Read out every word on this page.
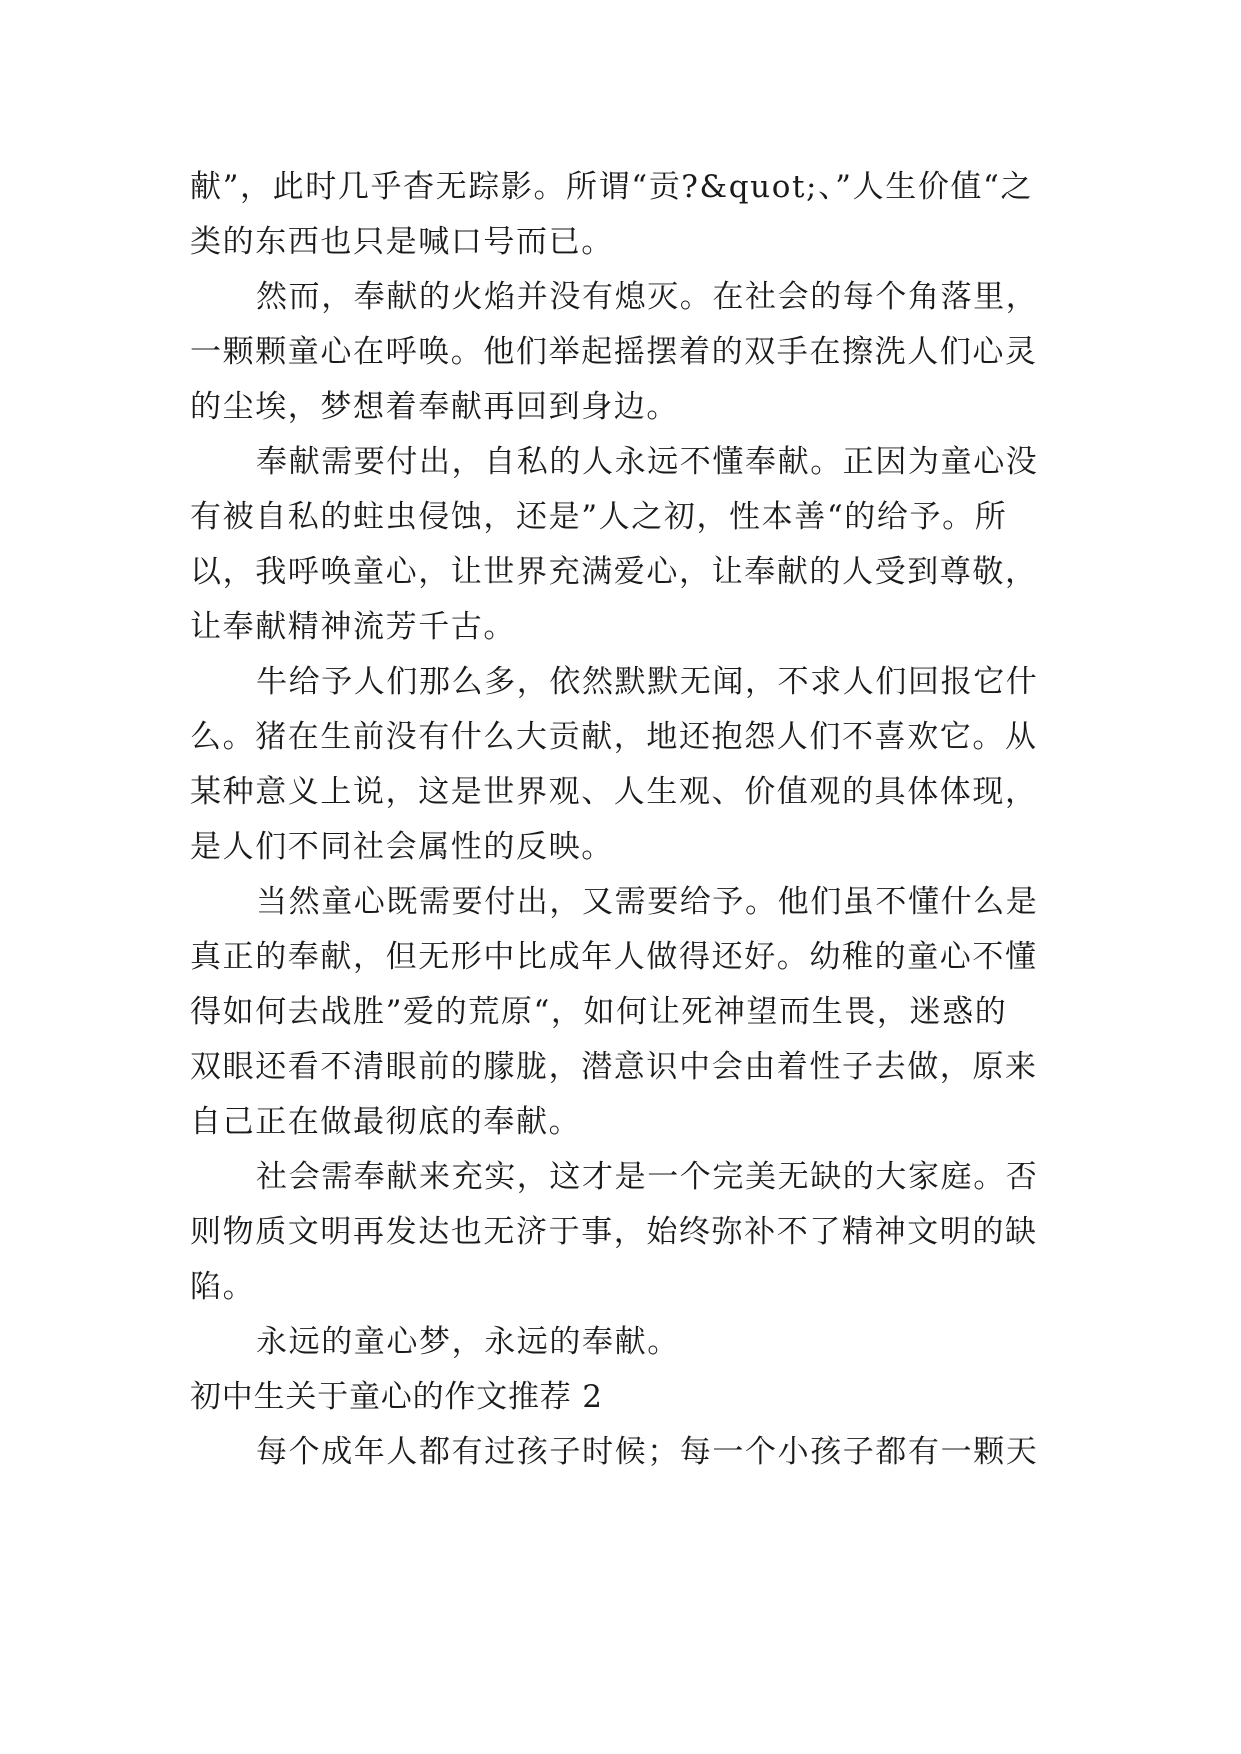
献”，此时几乎杳无踪影。所谓“贡?&quot;、”人生价值“之
类的东西也只是喊口号而已。
然而，奉献的火焰并没有熄灭。在社会的每个角落里，
一颗颗童心在呼唤。他们举起摇摆着的双手在擦洗人们心灵
的尘埃，梦想着奉献再回到身边。
奉献需要付出，自私的人永远不懂奉献。正因为童心没
有被自私的蛀虫侵蚀，还是”人之初，性本善“的给予。所
以，我呼唤童心，让世界充满爱心，让奉献的人受到尊敬，
让奉献精神流芳千古。
牛给予人们那么多，依然默默无闻，不求人们回报它什
么。猪在生前没有什么大贡献，地还抱怨人们不喜欢它。从
某种意义上说，这是世界观、人生观、价值观的具体体现，
是人们不同社会属性的反映。
当然童心既需要付出，又需要给予。他们虽不懂什么是
真正的奉献，但无形中比成年人做得还好。幼稚的童心不懂
得如何去战胜”爱的荒原“，如何让死神望而生畏，迷惑的
双眼还看不清眼前的朦胧，潜意识中会由着性子去做，原来
自己正在做最彻底的奉献。
社会需奉献来充实，这才是一个完美无缺的大家庭。否
则物质文明再发达也无济于事，始终弥补不了精神文明的缺
陷。
永远的童心梦，永远的奉献。
初中生关于童心的作文推荐 2
每个成年人都有过孩子时候；每一个小孩子都有一颗天
